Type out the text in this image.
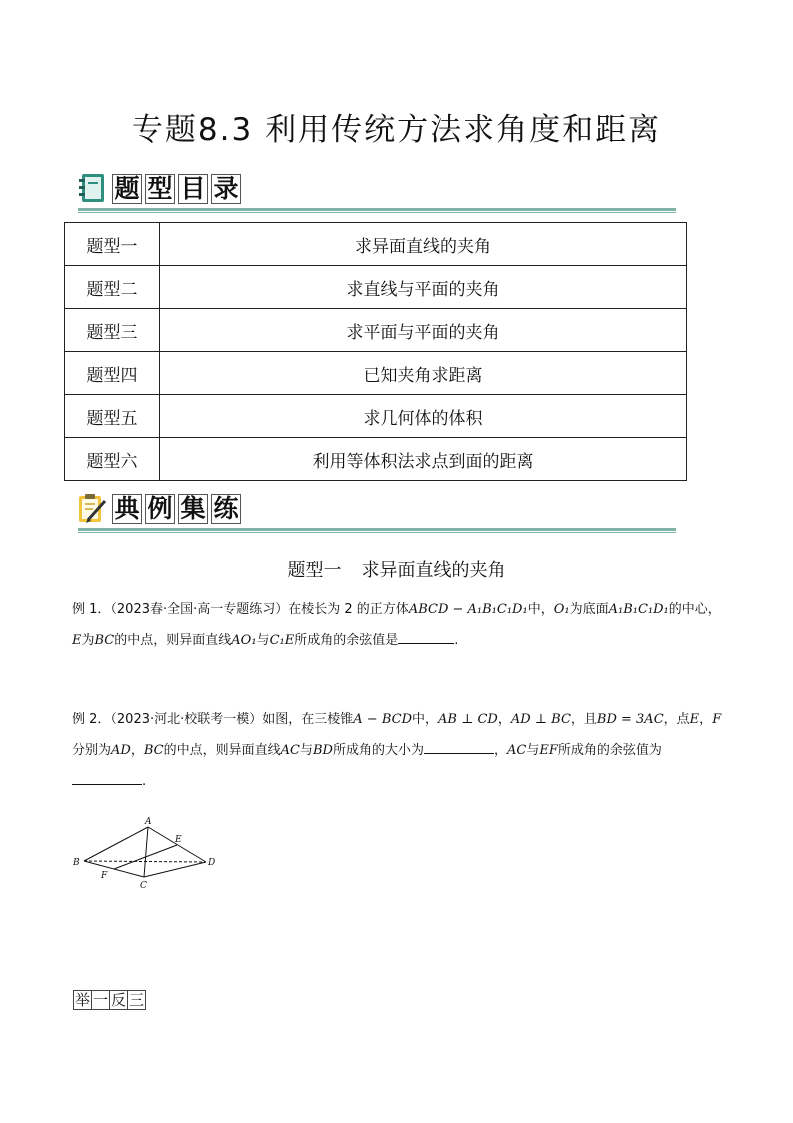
专题8.3 利用传统方法求角度和距离
题 型 目 录
题型一	求异面直线的夹角
题型二	求直线与平面的夹角
题型三	求平面与平面的夹角
题型四	已知夹角求距离
题型五	求几何体的体积
题型六	利用等体积法求点到面的距离
典 例 集 练
题型一 求异面直线的夹角
例 1．（2023春·全国·高一专题练习）在棱长为 2 的正方体ABCD − A₁B₁C₁D₁中，O₁为底面A₁B₁C₁D₁的中心，
E为BC的中点，则异面直线AO₁与C₁E所成角的余弦值是	.
例 2．（2023·河北·校联考一模）如图，在三棱锥A − BCD中，AB ⊥ CD，AD ⊥ BC，且BD = 3AC，点E，F
分别为AD，BC的中点，则异面直线AC与BD所成角的大小为	，AC与EF所成角的余弦值为
.
A
B
C
D
E
F
举 一 反 三
